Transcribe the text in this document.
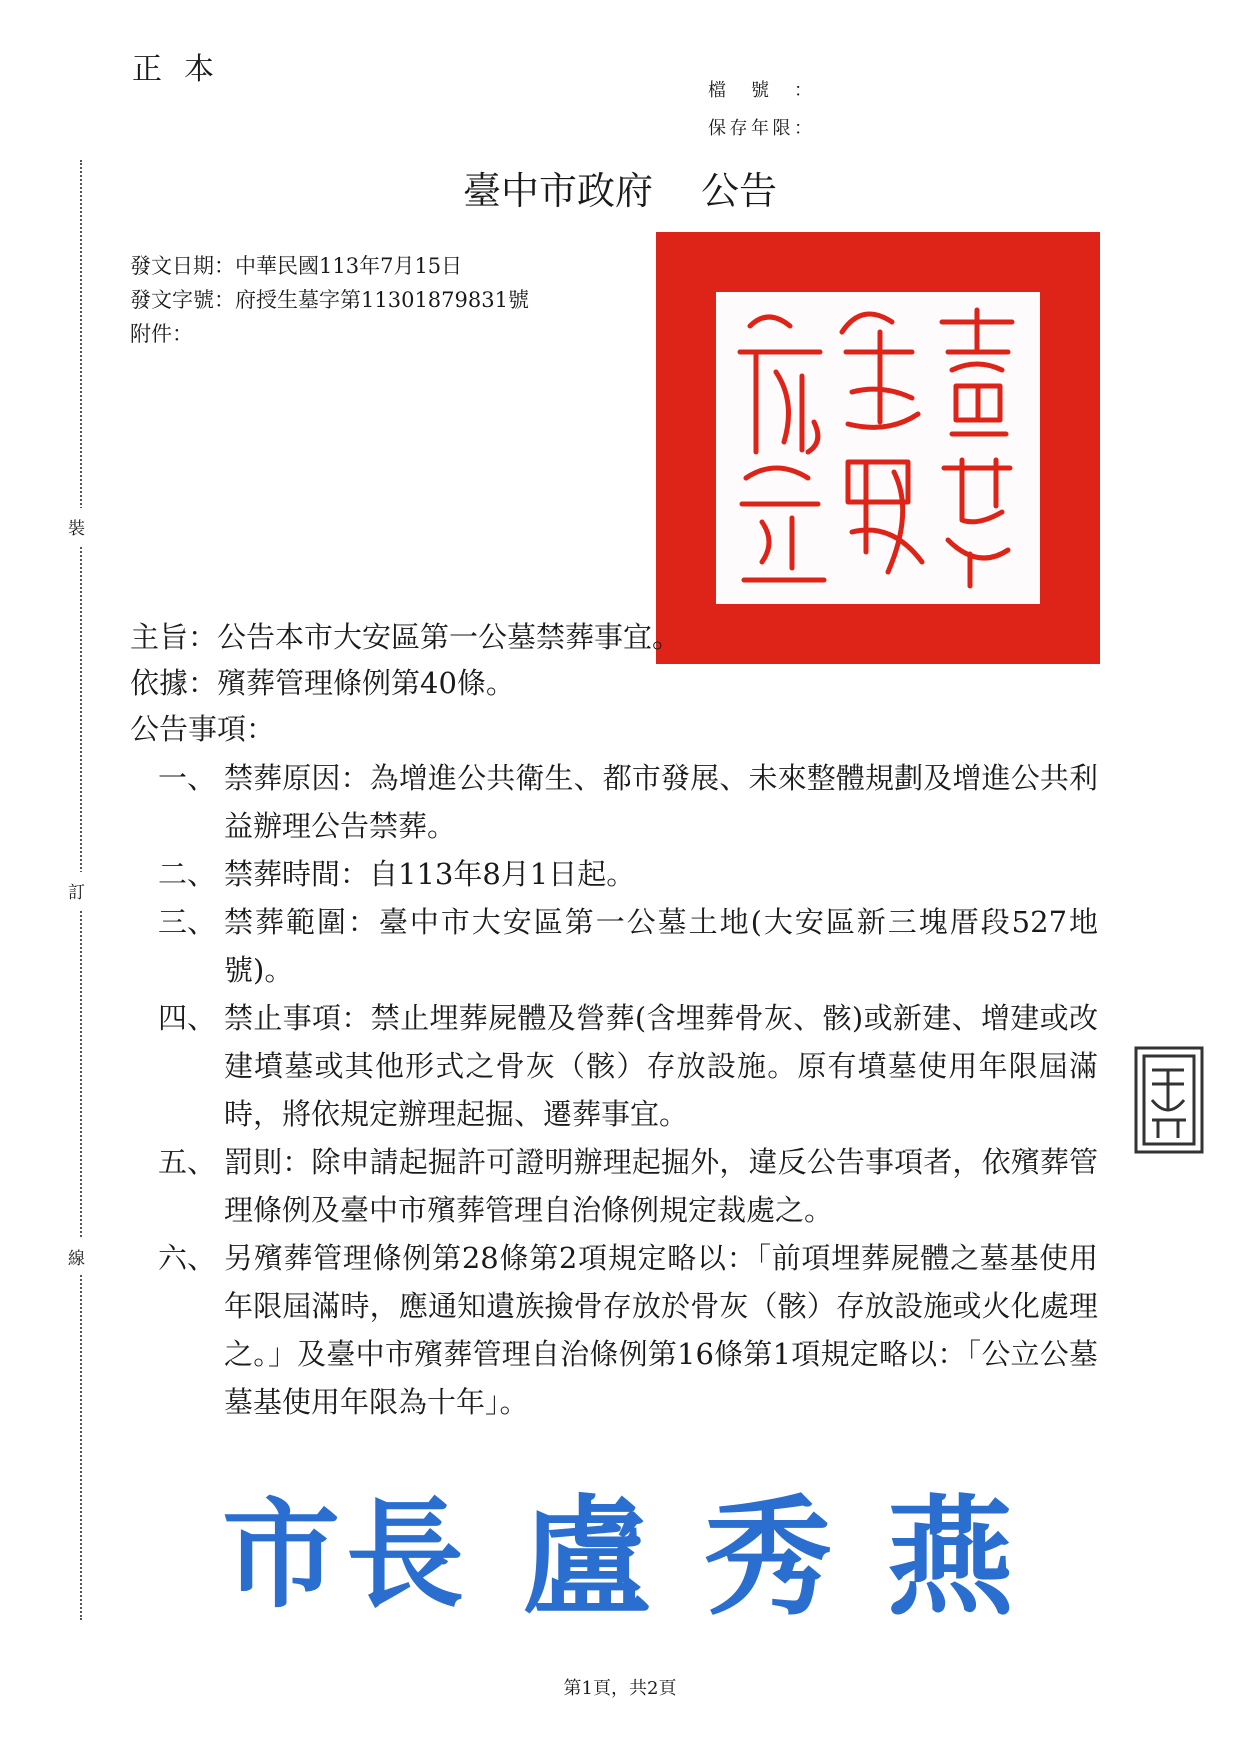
正本
檔號：
保存年限：
裝
訂
線
臺中市政府 公告
發文日期：中華民國113年7月15日
發文字號：府授生墓字第11301879831號
附件：
主旨：公告本市大安區第一公墓禁葬事宜。
依據：殯葬管理條例第40條。
公告事項：
一、 禁葬原因：為增進公共衛生、都市發展、未來整體規劃及增進公共利益辦理公告禁葬。
二、 禁葬時間：自113年8月1日起。
三、 禁葬範圍：臺中市大安區第一公墓土地(大安區新三塊厝段527地號)。
四、 禁止事項：禁止埋葬屍體及營葬(含埋葬骨灰、骸)或新建、增建或改建墳墓或其他形式之骨灰（骸）存放設施。原有墳墓使用年限屆滿時，將依規定辦理起掘、遷葬事宜。
五、 罰則：除申請起掘許可證明辦理起掘外，違反公告事項者，依殯葬管理條例及臺中市殯葬管理自治條例規定裁處之。
六、 另殯葬管理條例第28條第2項規定略以：「前項埋葬屍體之墓基使用年限屆滿時，應通知遺族撿骨存放於骨灰（骸）存放設施或火化處理之。」及臺中市殯葬管理自治條例第16條第1項規定略以：「公立公墓墓基使用年限為十年」。
市長 盧秀燕
第1頁，共2頁
